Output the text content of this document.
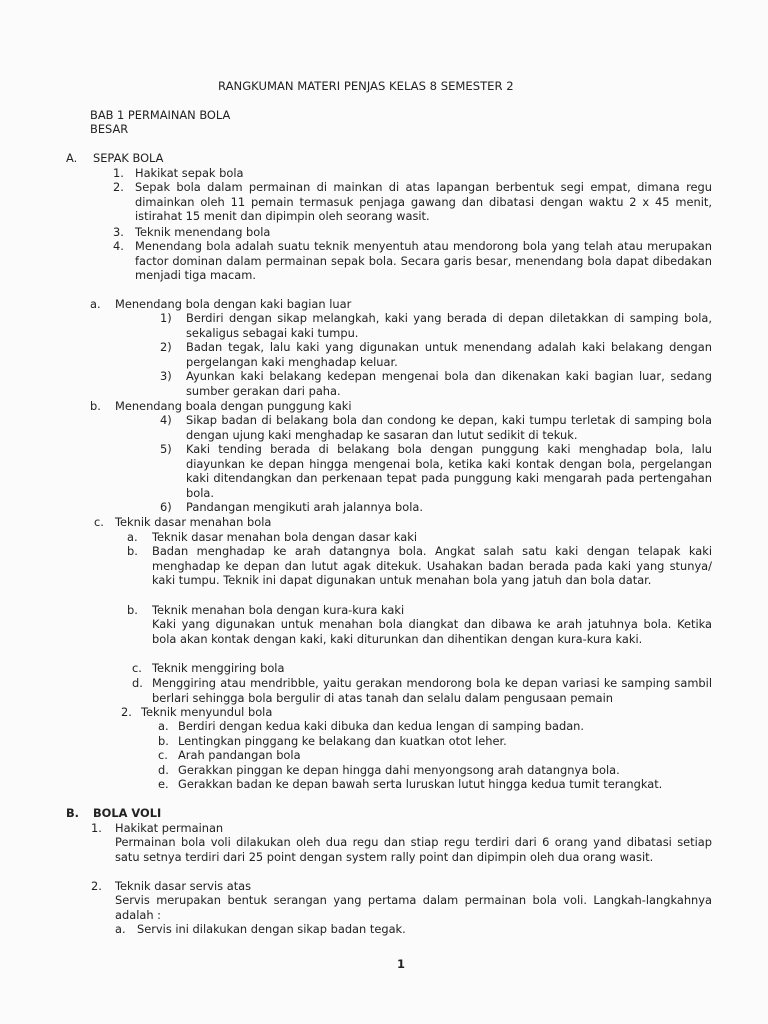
RANGKUMAN MATERI PENJAS KELAS 8 SEMESTER 2
BAB 1 PERMAINAN BOLA
BESAR
A. SEPAK BOLA
1. Hakikat sepak bola
2. Sepak bola dalam permainan di mainkan di atas lapangan berbentuk segi empat, dimana regu dimainkan oleh 11 pemain termasuk penjaga gawang dan dibatasi dengan waktu 2 x 45 menit, istirahat 15 menit dan dipimpin oleh seorang wasit.
3. Teknik menendang bola
4. Menendang bola adalah suatu teknik menyentuh atau mendorong bola yang telah atau merupakan factor dominan dalam permainan sepak bola. Secara garis besar, menendang bola dapat dibedakan menjadi tiga macam.
a. Menendang bola dengan kaki bagian luar
1) Berdiri dengan sikap melangkah, kaki yang berada di depan diletakkan di samping bola, sekaligus sebagai kaki tumpu.
2) Badan tegak, lalu kaki yang digunakan untuk menendang adalah kaki belakang dengan pergelangan kaki menghadap keluar.
3) Ayunkan kaki belakang kedepan mengenai bola dan dikenakan kaki bagian luar, sedang sumber gerakan dari paha.
b. Menendang boala dengan punggung kaki
4) Sikap badan di belakang bola dan condong ke depan, kaki tumpu terletak di samping bola dengan ujung kaki menghadap ke sasaran dan lutut sedikit di tekuk.
5) Kaki tending berada di belakang bola dengan punggung kaki menghadap bola, lalu diayunkan ke depan hingga mengenai bola, ketika kaki kontak dengan bola, pergelangan kaki ditendangkan dan perkenaan tepat pada punggung kaki mengarah pada pertengahan bola.
6) Pandangan mengikuti arah jalannya bola.
c. Teknik dasar menahan bola
a. Teknik dasar menahan bola dengan dasar kaki
b. Badan menghadap ke arah datangnya bola. Angkat salah satu kaki dengan telapak kaki menghadap ke depan dan lutut agak ditekuk. Usahakan badan berada pada kaki yang stunya/ kaki tumpu. Teknik ini dapat digunakan untuk menahan bola yang jatuh dan bola datar.
b. Teknik menahan bola dengan kura-kura kaki
Kaki yang digunakan untuk menahan bola diangkat dan dibawa ke arah jatuhnya bola. Ketika bola akan kontak dengan kaki, kaki diturunkan dan dihentikan dengan kura-kura kaki.
c. Teknik menggiring bola
d. Menggiring atau mendribble, yaitu gerakan mendorong bola ke depan variasi ke samping sambil berlari sehingga bola bergulir di atas tanah dan selalu dalam pengusaan pemain
2. Teknik menyundul bola
a. Berdiri dengan kedua kaki dibuka dan kedua lengan di samping badan.
b. Lentingkan pinggang ke belakang dan kuatkan otot leher.
c. Arah pandangan bola
d. Gerakkan pinggan ke depan hingga dahi menyongsong arah datangnya bola.
e. Gerakkan badan ke depan bawah serta luruskan lutut hingga kedua tumit terangkat.
B. BOLA VOLI
1. Hakikat permainan
Permainan bola voli dilakukan oleh dua regu dan stiap regu terdiri dari 6 orang yand dibatasi setiap satu setnya terdiri dari 25 point dengan system rally point dan dipimpin oleh dua orang wasit.
2. Teknik dasar servis atas
Servis merupakan bentuk serangan yang pertama dalam permainan bola voli. Langkah-langkahnya adalah :
a. Servis ini dilakukan dengan sikap badan tegak.
1
